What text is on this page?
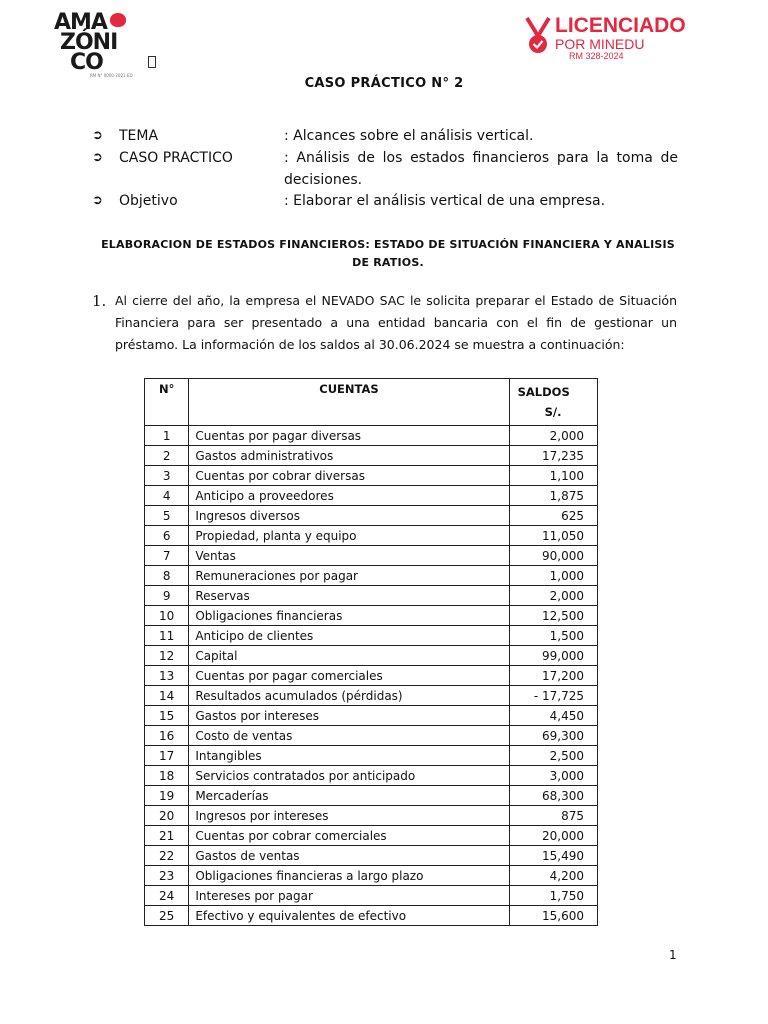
AMA
ZÓNI
CO
RM N° 0000-2021-ED
LICENCIADO
POR MINEDU
RM 328-2024
CASO PRÁCTICO N° 2
➲ TEMA	: Alcances sobre el análisis vertical.
➲ CASO PRACTICO	: Análisis de los estados financieros para la toma de decisiones.
➲ Objetivo	: Elaborar el análisis vertical de una empresa.
ELABORACION DE ESTADOS FINANCIEROS: ESTADO DE SITUACIÓN FINANCIERA Y ANALISIS DE RATIOS.
1. Al cierre del año, la empresa el NEVADO SAC le solicita preparar el Estado de Situación Financiera para ser presentado a una entidad bancaria con el fin de gestionar un préstamo. La información de los saldos al 30.06.2024 se muestra a continuación:
N°	CUENTAS	SALDOS
S/.

1	Cuentas por pagar diversas	2,000
2	Gastos administrativos	17,235
3	Cuentas por cobrar diversas	1,100
4	Anticipo a proveedores	1,875
5	Ingresos diversos	625
6	Propiedad, planta y equipo	11,050
7	Ventas	90,000
8	Remuneraciones por pagar	1,000
9	Reservas	2,000
10	Obligaciones financieras	12,500
11	Anticipo de clientes	1,500
12	Capital	99,000
13	Cuentas por pagar comerciales	17,200
14	Resultados acumulados (pérdidas)	- 17,725
15	Gastos por intereses	4,450
16	Costo de ventas	69,300
17	Intangibles	2,500
18	Servicios contratados por anticipado	3,000
19	Mercaderías	68,300
20	Ingresos por intereses	875
21	Cuentas por cobrar comerciales	20,000
22	Gastos de ventas	15,490
23	Obligaciones financieras a largo plazo	4,200
24	Intereses por pagar	1,750
25	Efectivo y equivalentes de efectivo	15,600
1
